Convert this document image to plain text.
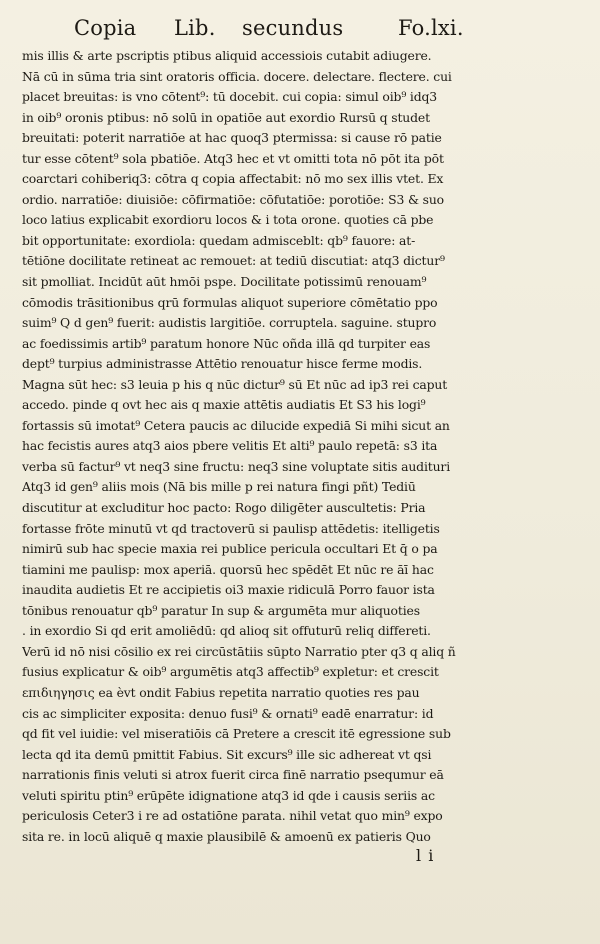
Copia Lib. secundus	Fo.lxi.
mis illis & arte pscriptis ptibus aliquid accessiois cutabit adiugere.
Nā cū in sūma tria sint oratoris officia. docere. delectare. flectere. cui
placet breuitas: is vno cōtent⁹: tū docebit. cui copia: simul oib⁹ idq3
in oib⁹ oronis ptibus: nō solū in opatiōe aut exordio Rursū q studet
breuitati: poterit narratiōe at hac quoq3 ptermissa: si cause rō patie
tur esse cōtent⁹ sola pbatiōe. Atq3 hec et vt omitti tota nō pōt ita pōt
coarctari cohiberiq3: cōtra q copia affectabit: nō mo sex illis vtet. Ex
ordio. narratiōe: diuisiōe: cōfirmatiōe: cōfutatiōe: porotiōe: S3 & suo
loco latius explicabit exordioru locos & i tota orone. quoties cā pbe
bit opportunitate: exordiola: quedam admisceblt: qb⁹ fauore: at-
tētiōne docilitate retineat ac remouet: at tediū discutiat: atq3 dictur⁹
sit pmolliat. Incidūt aūt hmōi pspe. Docilitate potissimū renouam⁹
cōmodis trāsitionibus qrū formulas aliquot superiore cōmētatio ppo
suim⁹ Q d gen⁹ fuerit: audistis largitiōe. corruptela. saguine. stupro
ac foedissimis artib⁹ paratum honore Nūc oñda illā qd turpiter eas
dept⁹ turpius administrasse Attētio renouatur hisce ferme modis.
Magna sūt hec: s3 leuia p his q nūc dictur⁹ sū Et nūc ad ip3 rei caput
accedo. pinde q ovt hec ais q maxie attētis audiatis Et S3 his logi⁹
fortassis sū imotat⁹ Cetera paucis ac dilucide expediā Si mihi sicut an
hac fecistis aures atq3 aios pbere velitis Et alti⁹ paulo repetā: s3 ita
verba sū factur⁹ vt neq3 sine fructu: neq3 sine voluptate sitis audituri
Atq3 id gen⁹ aliis mois (Nā bis mille p rei natura fingi pñt) Tediū
discutitur at excluditur hoc pacto: Rogo diligēter auscultetis: Pria
fortasse frōte minutū vt qd tractoverū si paulisp attēdetis: itelligetis
nimirū sub hac specie maxia rei publice pericula occultari Et q̄ o pa
tiamini me paulisp: mox aperiā. quorsū hec spēdēt Et nūc re āī hac
inaudita audietis Et re accipietis oi3 maxie ridiculā Porro fauor ista
tōnibus renouatur qb⁹ paratur In sup & argumēta mur aliquoties
. in exordio Si qd erit amoliēdū: qd alioq sit offuturū reliq differeti.
Verū id nō nisi cōsilio ex rei circūstātiis sūpto Narratio pter q3 q aliq ñ
fusius explicatur & oib⁹ argumētis atq3 affectib⁹ expletur: et crescit
επιδιηγησις ea èvt ondit Fabius repetita narratio quoties res pau
cis ac simpliciter exposita: denuo fusi⁹ & ornati⁹ eadē enarratur: id
qd fit vel iuidie: vel miseratiōis cā Pretere a crescit itē egressione sub
lecta qd ita demū pmittit Fabius. Sit excurs⁹ ille sic adhereat vt qsi
narrationis finis veluti si atrox fuerit circa finē narratio psequmur eā
veluti spiritu ptin⁹ erūpēte idignatione atq3 id qde i causis seriis ac
periculosis Ceter3 i re ad ostatiōne parata. nihil vetat quo min⁹ expo
sita re. in locū aliquē q maxie plausibilē & amoenū ex patieris Quo
l i
